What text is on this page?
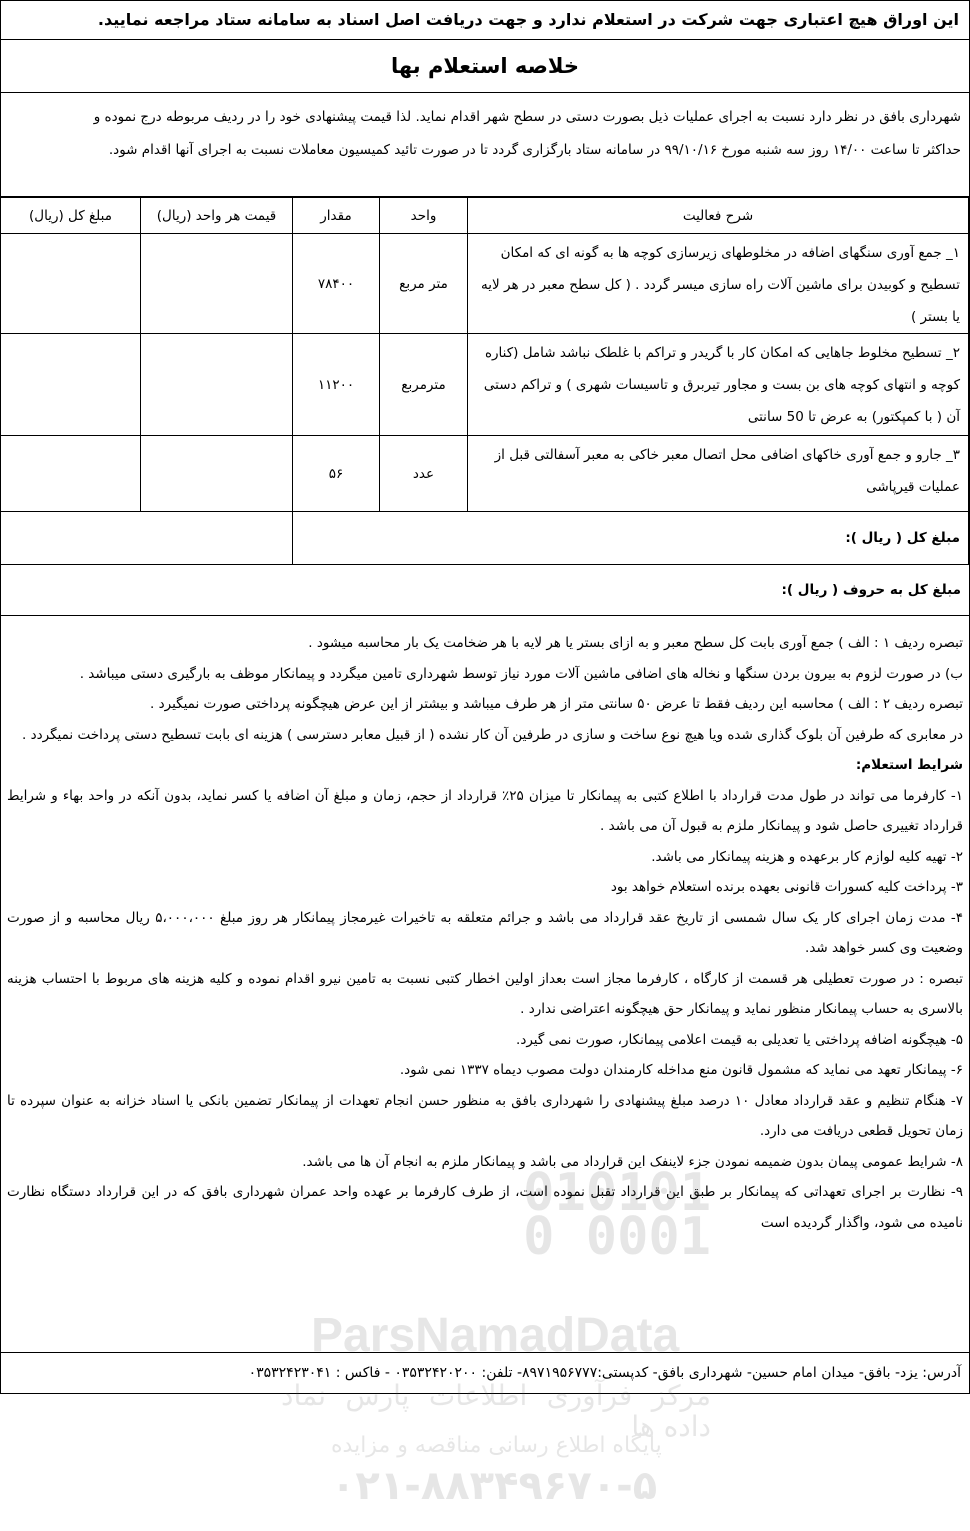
این اوراق هیچ اعتباری جهت شرکت در استعلام ندارد و جهت دریافت اصل اسناد به سامانه ستاد مراجعه نمایید.
خلاصه استعلام بها
شهرداری بافق در نظر دارد نسبت به اجرای عملیات ذیل بصورت دستی در سطح شهر اقدام نماید. لذا قیمت پیشنهادی خود را در ردیف مربوطه درج نموده و
حداکثر تا ساعت ۱۴/۰۰ روز سه شنبه مورخ ۹۹/۱۰/۱۶ در سامانه ستاد بارگزاری گردد تا در صورت تائید کمیسیون معاملات نسبت به اجرای آنها اقدام شود.
شرح فعالیت	واحد	مقدار	قیمت هر واحد (ریال)	مبلغ کل (ریال)
۱_ جمع آوری سنگهای اضافه در مخلوطهای زیرسازی کوچه ها به گونه ای که امکان تسطیح و کوبیدن برای ماشین آلات راه سازی میسر گردد . ( کل سطح معبر در هر لایه یا بستر )	متر مربع	۷۸۴۰۰		
۲_ تسطیح مخلوط جاهایی که امکان کار با گریدر و تراکم با غلطک نباشد شامل (کناره کوچه و انتهای کوچه های بن بست و مجاور تیربرق و تاسیسات شهری ) و تراکم دستی آن ( با کمپکتور) به عرض تا 50 سانتی	مترمربع	۱۱۲۰۰		
۳_ جارو و جمع آوری خاکهای اضافی محل اتصال معبر خاکی به معبر آسفالتی قبل از عملیات قیرپاشی	عدد	۵۶		
مبلغ کل ( ریال ):				
مبلغ کل به حروف ( ریال ):
010101 0001 0
ParsNamadData
مرکز فرآوری اطلاعات پارس نماد داده ها
پایگاه اطلاع رسانی مناقصه و مزایده
۰۲۱-۸۸۳۴۹۶۷۰-۵

تبصره ردیف ۱ : الف ) جمع آوری بابت کل سطح معبر و به ازای بستر یا هر لایه با هر ضخامت یک بار محاسبه میشود .

ب) در صورت لزوم به بیرون بردن سنگها و نخاله های اضافی ماشین آلات مورد نیاز توسط شهرداری تامین میگردد و پیمانکار موظف به بارگیری دستی میباشد .

تبصره ردیف ۲ : الف ) محاسبه این ردیف فقط تا عرض ۵۰ سانتی متر از هر طرف میباشد و بیشتر از این عرض هیچگونه پرداختی صورت نمیگیرد .

در معابری که طرفین آن بلوک گذاری شده ویا هیچ نوع ساخت و سازی در طرفین آن کار نشده ( از قبیل معابر دسترسی ) هزینه ای بابت تسطیح دستی پرداخت نمیگردد .

شرایط استعلام:

۱- کارفرما می تواند در طول مدت قرارداد با اطلاع کتبی به پیمانکار تا میزان ۲۵٪ قرارداد از حجم، زمان و مبلغ آن اضافه یا کسر نماید، بدون آنکه در واحد بهاء و شرایط قرارداد تغییری حاصل شود و پیمانکار ملزم به قبول آن می باشد .

۲- تهیه کلیه لوازم کار برعهده و هزینه پیمانکار می باشد.

۳- پرداخت کلیه کسورات قانونی بعهده برنده استعلام خواهد بود

۴- مدت زمان اجرای کار یک سال شمسی از تاریخ عقد قرارداد می باشد و جرائم متعلقه به تاخیرات غیرمجاز پیمانکار هر روز مبلغ ۵،۰۰۰،۰۰۰ ریال محاسبه و از صورت وضعیت وی کسر خواهد شد.

تبصره : در صورت تعطیلی هر قسمت از کارگاه ، کارفرما مجاز است بعداز اولین اخطار کتبی نسبت به تامین نیرو اقدام نموده و کلیه هزینه های مربوط با احتساب هزینه بالاسری به حساب پیمانکار منظور نماید و پیمانکار حق هیچگونه اعتراضی ندارد .

۵- هیچگونه اضافه پرداختی یا تعدیلی به قیمت اعلامی پیمانکار، صورت نمی گیرد.

۶- پیمانکار تعهد می نماید که مشمول قانون منع مداخله کارمندان دولت مصوب دیماه ۱۳۳۷ نمی شود.

۷- هنگام تنظیم و عقد قرارداد معادل ۱۰ درصد مبلغ پیشنهادی را شهرداری بافق به منظور حسن انجام تعهدات از پیمانکار تضمین بانکی یا اسناد خزانه به عنوان سپرده تا زمان تحویل قطعی دریافت می دارد.

۸- شرایط عمومی پیمان بدون ضمیمه نمودن جزء لاینفک این قرارداد می باشد و پیمانکار ملزم به انجام آن ها می باشد.

۹- نظارت بر اجرای تعهداتی که پیمانکار بر طبق این قرارداد تقبل نموده است، از طرف کارفرما بر عهده واحد عمران شهرداری بافق که در این قرارداد دستگاه نظارت نامیده می شود، واگذار گردیده است

آدرس: یزد- بافق- میدان امام حسین- شهرداری بافق- کدپستی:۸۹۷۱۹۵۶۷۷۷- تلفن: ۰۳۵۳۲۴۲۰۲۰۰ - فاکس : ۰۳۵۳۲۴۲۳۰۴۱
